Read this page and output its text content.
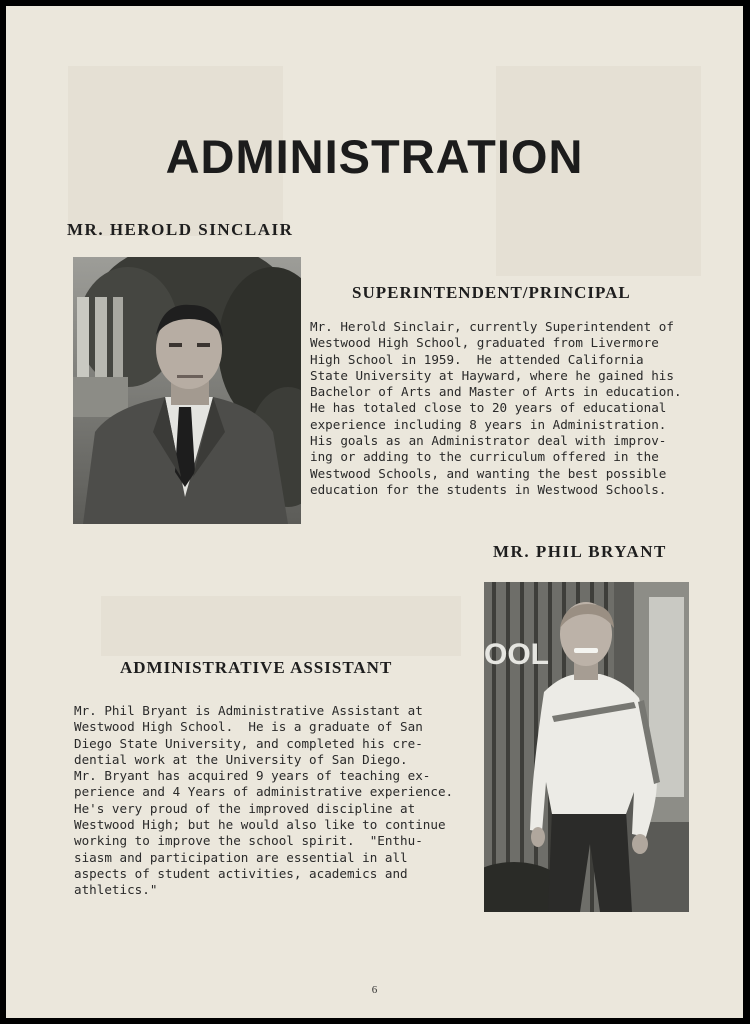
ADMINISTRATION
MR. HEROLD SINCLAIR
SUPERINTENDENT/PRINCIPAL
Mr. Herold Sinclair, currently Superintendent of
Westwood High School, graduated from Livermore
High School in 1959.  He attended California
State University at Hayward, where he gained his
Bachelor of Arts and Master of Arts in education.
He has totaled close to 20 years of educational
experience including 8 years in Administration.
His goals as an Administrator deal with improv-
ing or adding to the curriculum offered in the
Westwood Schools, and wanting the best possible
education for the students in Westwood Schools.
MR. PHIL BRYANT
OOL
ADMINISTRATIVE ASSISTANT
Mr. Phil Bryant is Administrative Assistant at
Westwood High School.  He is a graduate of San
Diego State University, and completed his cre-
dential work at the University of San Diego.
Mr. Bryant has acquired 9 years of teaching ex-
perience and 4 Years of administrative experience.
He's very proud of the improved discipline at
Westwood High; but he would also like to continue
working to improve the school spirit.  "Enthu-
siasm and participation are essential in all
aspects of student activities, academics and
athletics."
6
